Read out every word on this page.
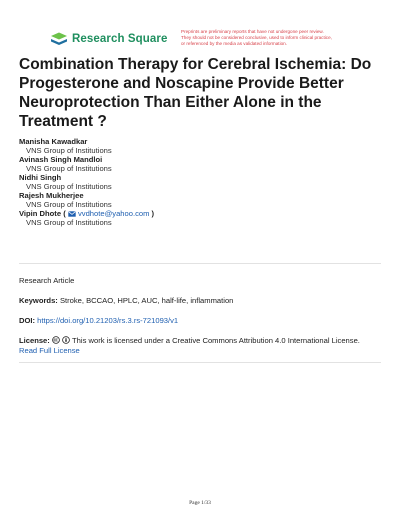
Research Square
Preprints are preliminary reports that have not undergone peer review.
They should not be considered conclusive, used to inform clinical practice,
or referenced by the media as validated information.
Combination Therapy for Cerebral Ischemia: Do Progesterone and Noscapine Provide Better Neuroprotection Than Either Alone in the Treatment ?
Manisha Kawadkar
VNS Group of Institutions
Avinash Singh Mandloi
VNS Group of Institutions
Nidhi Singh
VNS Group of Institutions
Rajesh Mukherjee
VNS Group of Institutions
Vipin Dhote ( vvdhote@yahoo.com )
VNS Group of Institutions
Research Article
Keywords: Stroke, BCCAO, HPLC, AUC, half-life, inflammation
DOI: https://doi.org/10.21203/rs.3.rs-721093/v1
License:	This work is licensed under a Creative Commons Attribution 4.0 International License.
Read Full License
Page 1/33
